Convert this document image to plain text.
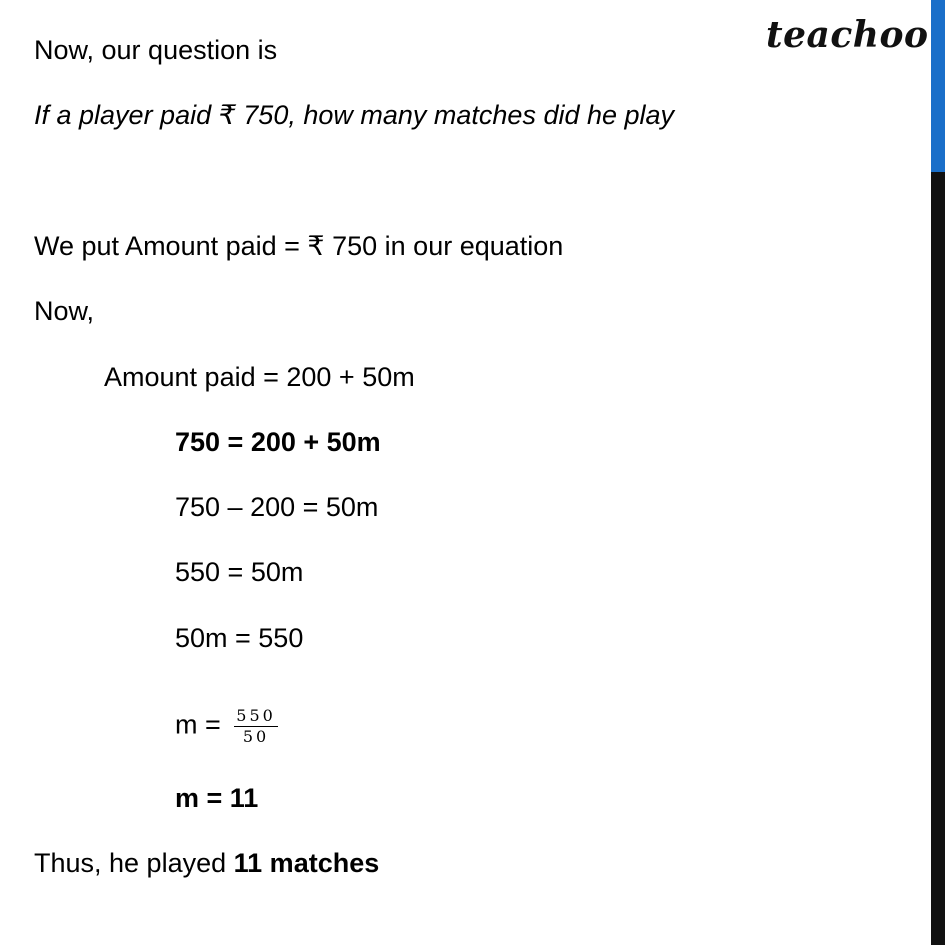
teachoo
Now, our question is
If a player paid ₹ 750, how many matches did he play
We put Amount paid = ₹ 750 in our equation
Now,
Amount paid = 200 + 50m
750 = 200 + 50m
750 – 200 = 50m
550 = 50m
50m = 550
$m = \frac{550}{50}$
m = 11
Thus, he played 11 matches
